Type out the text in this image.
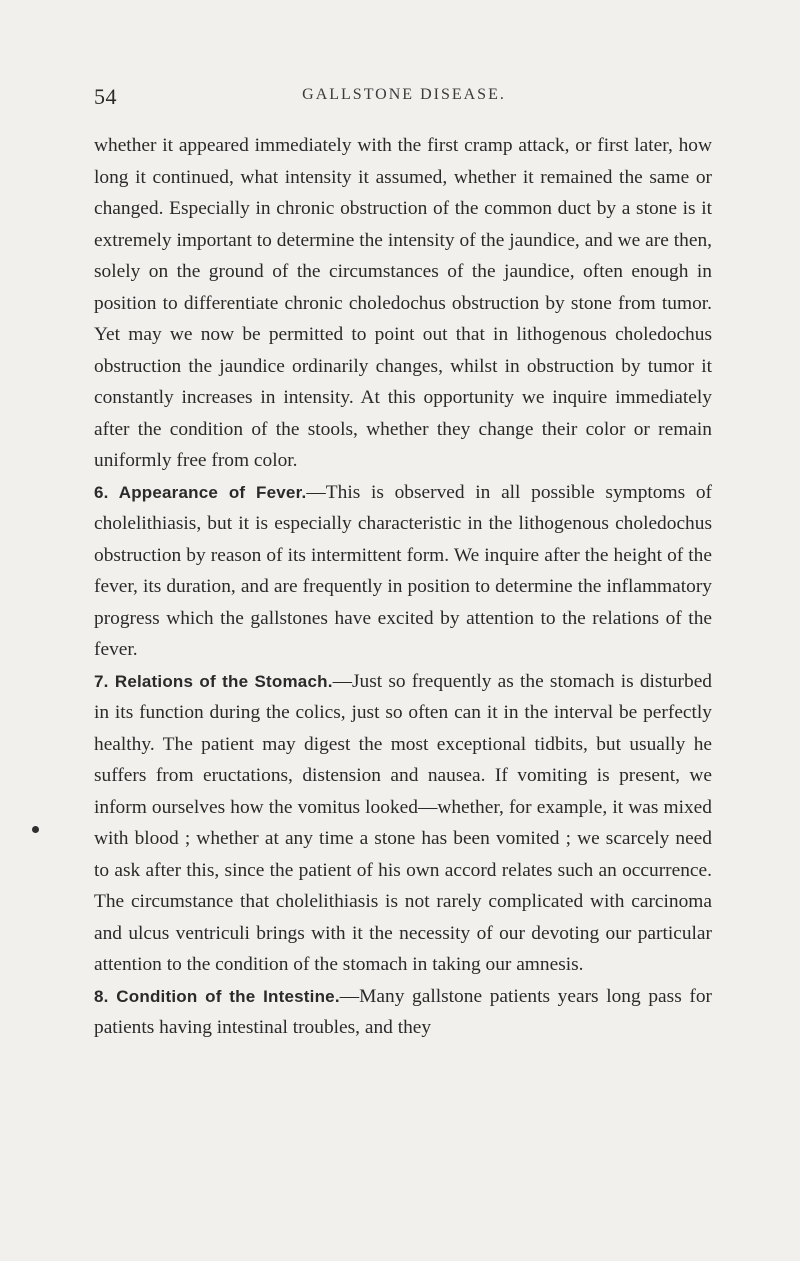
54	GALLSTONE DISEASE.

whether it appeared immediately with the first cramp attack, or first later, how long it continued, what intensity it assumed, whether it remained the same or changed. Especially in chronic obstruction of the common duct by a stone is it extremely important to determine the intensity of the jaundice, and we are then, solely on the ground of the circumstances of the jaundice, often enough in position to differentiate chronic choledochus obstruction by stone from tumor. Yet may we now be permitted to point out that in lithogenous choledochus obstruction the jaundice ordinarily changes, whilst in obstruction by tumor it constantly increases in intensity. At this opportunity we inquire immediately after the condition of the stools, whether they change their color or remain uniformly free from color.

6. Appearance of Fever.—This is observed in all possible symptoms of cholelithiasis, but it is especially characteristic in the lithogenous choledochus obstruction by reason of its intermittent form. We inquire after the height of the fever, its duration, and are frequently in position to determine the inflammatory progress which the gallstones have excited by attention to the relations of the fever.

7. Relations of the Stomach.—Just so frequently as the stomach is disturbed in its function during the colics, just so often can it in the interval be perfectly healthy. The patient may digest the most exceptional tidbits, but usually he suffers from eructations, distension and nausea. If vomiting is present, we inform ourselves how the vomitus looked—whether, for example, it was mixed with blood ; whether at any time a stone has been vomited ; we scarcely need to ask after this, since the patient of his own accord relates such an occurrence. The circumstance that cholelithiasis is not rarely complicated with carcinoma and ulcus ventriculi brings with it the necessity of our devoting our particular attention to the condition of the stomach in taking our amnesis.

8. Condition of the Intestine.—Many gallstone patients years long pass for patients having intestinal troubles, and they
